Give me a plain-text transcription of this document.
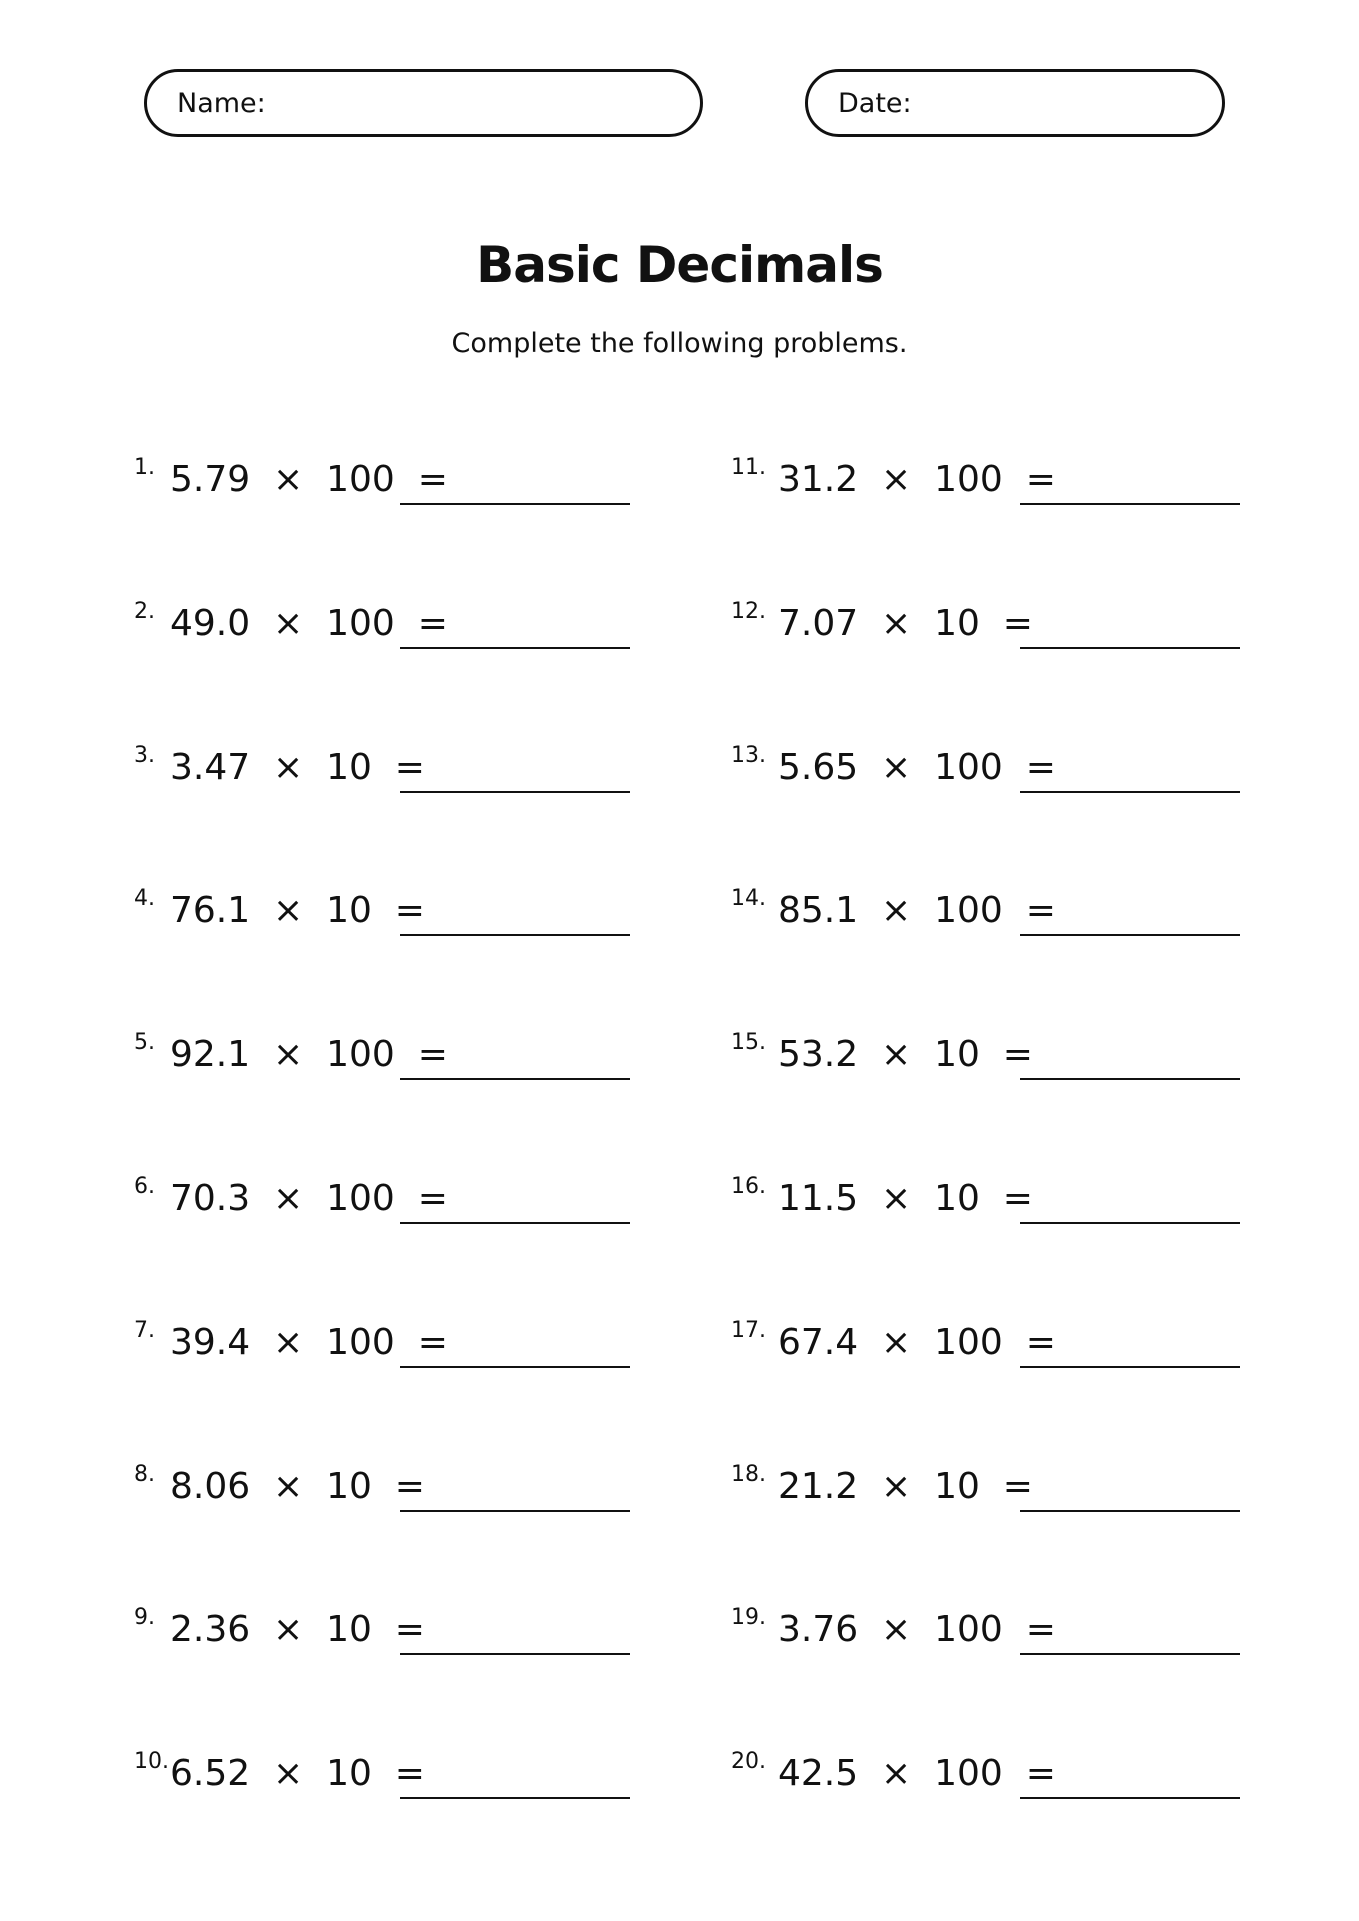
Name:	Date:
Basic Decimals
Complete the following problems.
1. 5.79  ×  100  =
2. 49.0  ×  100  =
3. 3.47  ×  10  =
4. 76.1  ×  10  =
5. 92.1  ×  100  =
6. 70.3  ×  100  =
7. 39.4  ×  100  =
8. 8.06  ×  10  =
9. 2.36  ×  10  =
10. 6.52  ×  10  =
11. 31.2  ×  100  =
12. 7.07  ×  10  =
13. 5.65  ×  100  =
14. 85.1  ×  100  =
15. 53.2  ×  10  =
16. 11.5  ×  10  =
17. 67.4  ×  100  =
18. 21.2  ×  10  =
19. 3.76  ×  100  =
20. 42.5  ×  100  =
